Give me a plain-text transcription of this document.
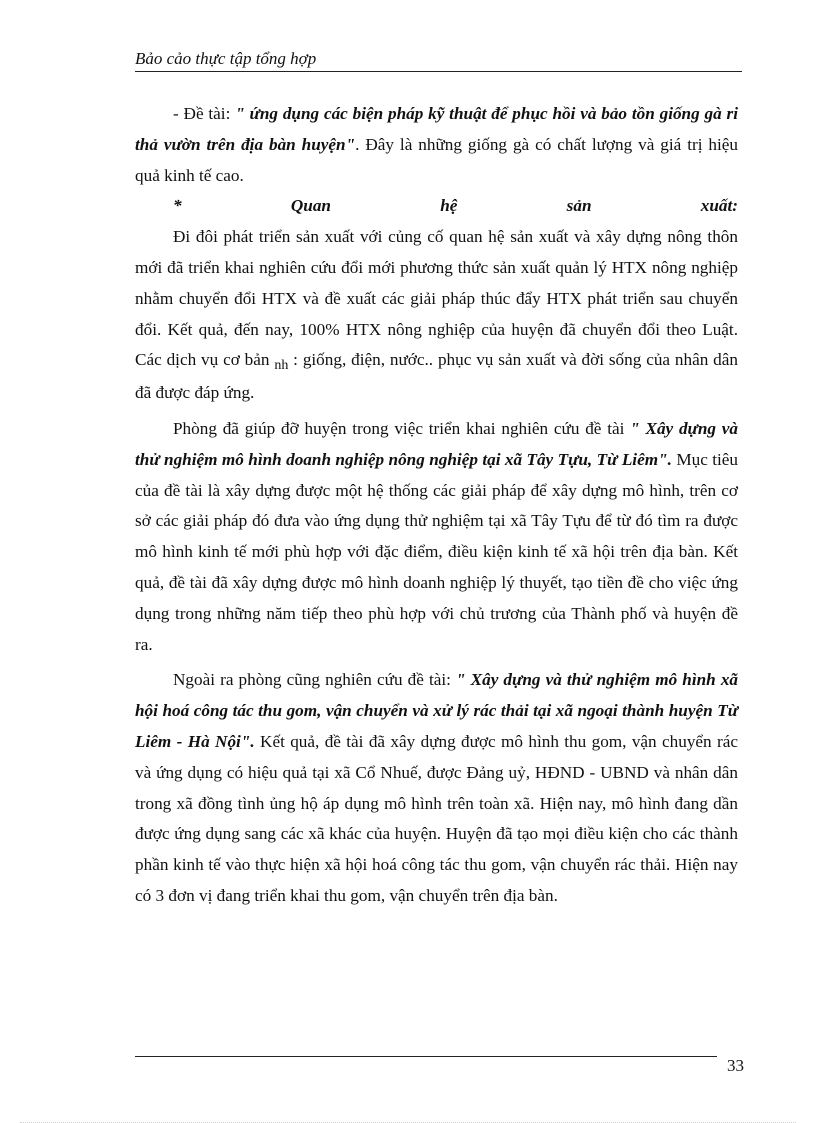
Bảo cảo thực tập tổng hợp

- Đề tài: " ứng dụng các biện pháp kỹ thuật để phục hồi và bảo tồn giống gà ri thả vườn trên địa bàn huyện". Đây là những giống gà có chất lượng và giá trị hiệu quả kinh tế cao.

*	Quan	hệ	sản	xuất:

Đi đôi phát triển sản xuất với củng cố quan hệ sản xuất và xây dựng nông thôn mới đã triển khai nghiên cứu đổi mới phương thức sản xuất quản lý HTX nông nghiệp nhằm chuyển đổi HTX và đề xuất các giải pháp thúc đẩy HTX phát triển sau chuyển đổi. Kết quả, đến nay, 100% HTX nông nghiệp của huyện đã chuyển đổi theo Luật. Các dịch vụ cơ bản $_{nh}$ : giống, điện, nước.. phục vụ sản xuất và đời sống của nhân dân đã được đáp ứng.

Phòng đã giúp đỡ huyện trong việc triển khai nghiên cứu đề tài " Xây dựng và thử nghiệm mô hình doanh nghiệp nông nghiệp tại xã Tây Tựu, Từ Liêm". Mục tiêu của đề tài là xây dựng được một hệ thống các giải pháp để xây dựng mô hình, trên cơ sở các giải pháp đó đưa vào ứng dụng thử nghiệm tại xã Tây Tựu để từ đó tìm ra được mô hình kinh tế mới phù hợp với đặc điểm, điều kiện kinh tế xã hội trên địa bàn. Kết quả, đề tài đã xây dựng được mô hình doanh nghiệp lý thuyết, tạo tiền đề cho việc ứng dụng trong những năm tiếp theo phù hợp với chủ trương của Thành phố và huyện đề ra.

Ngoài ra phòng cũng nghiên cứu đề tài: " Xây dựng và thử nghiệm mô hình xã hội hoá công tác thu gom, vận chuyển và xử lý rác thải tại xã ngoại thành huyện Từ Liêm - Hà Nội". Kết quả, đề tài đã xây dựng được mô hình thu gom, vận chuyển rác và ứng dụng có hiệu quả tại xã Cổ Nhuế, được Đảng uỷ, HĐND - UBND và nhân dân trong xã đồng tình ủng hộ áp dụng mô hình trên toàn xã. Hiện nay, mô hình đang dần được ứng dụng sang các xã khác của huyện. Huyện đã tạo mọi điều kiện cho các thành phần kinh tế vào thực hiện xã hội hoá công tác thu gom, vận chuyển rác thải. Hiện nay có 3 đơn vị đang triển khai thu gom, vận chuyển trên địa bàn.

33
